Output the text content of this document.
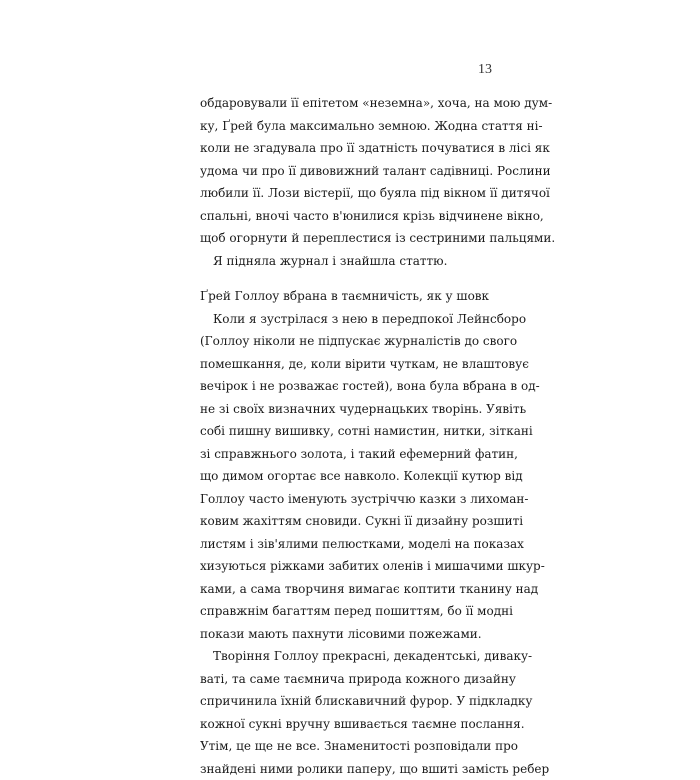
13
обдаровували її епітетом «неземна», хоча, на мою дум-
ку, Ґрей була максимально земною. Жодна стаття ні-
коли не згадувала про її здатність почуватися в лісі як
удома чи про її дивовижний талант садівниці. Рослини
любили її. Лози вістерії, що буяла під вікном її дитячої
спальні, вночі часто в'юнилися крізь відчинене вікно,
щоб огорнути й переплестися із сестриними пальцями.
Я підняла журнал і знайшла статтю.
Ґрей Голлоу вбрана в таємничість, як у шовк
Коли я зустрілася з нею в передпокої Лейнсборо
(Голлоу ніколи не підпускає журналістів до свого
помешкання, де, коли вірити чуткам, не влаштовує
вечірок і не розважає гостей), вона була вбрана в од-
не зі своїх визначних чудернацьких творінь. Уявіть
собі пишну вишивку, сотні намистин, нитки, зіткані
зі справжнього золота, і такий ефемерний фатин,
що димом огортає все навколо. Колекції кутюр від
Голлоу часто іменують зустріччю казки з лихоман-
ковим жахіттям сновиди. Сукні її дизайну розшиті
листям і зів'ялими пелюстками, моделі на показах
хизуються ріжками забитих оленів і мишачими шкур-
ками, а сама творчиня вимагає коптити тканину над
справжнім багаттям перед пошиттям, бо її модні
покази мають пахнути лісовими пожежами.
Творіння Голлоу прекрасні, декадентські, диваку-
ваті, та саме таємнича природа кожного дизайну
спричинила їхній блискавичний фурор. У підкладку
кожної сукні вручну вшивається таємне послання.
Утім, це ще не все. Знаменитості розповідали про
знайдені ними ролики паперу, що вшиті замість ребер
